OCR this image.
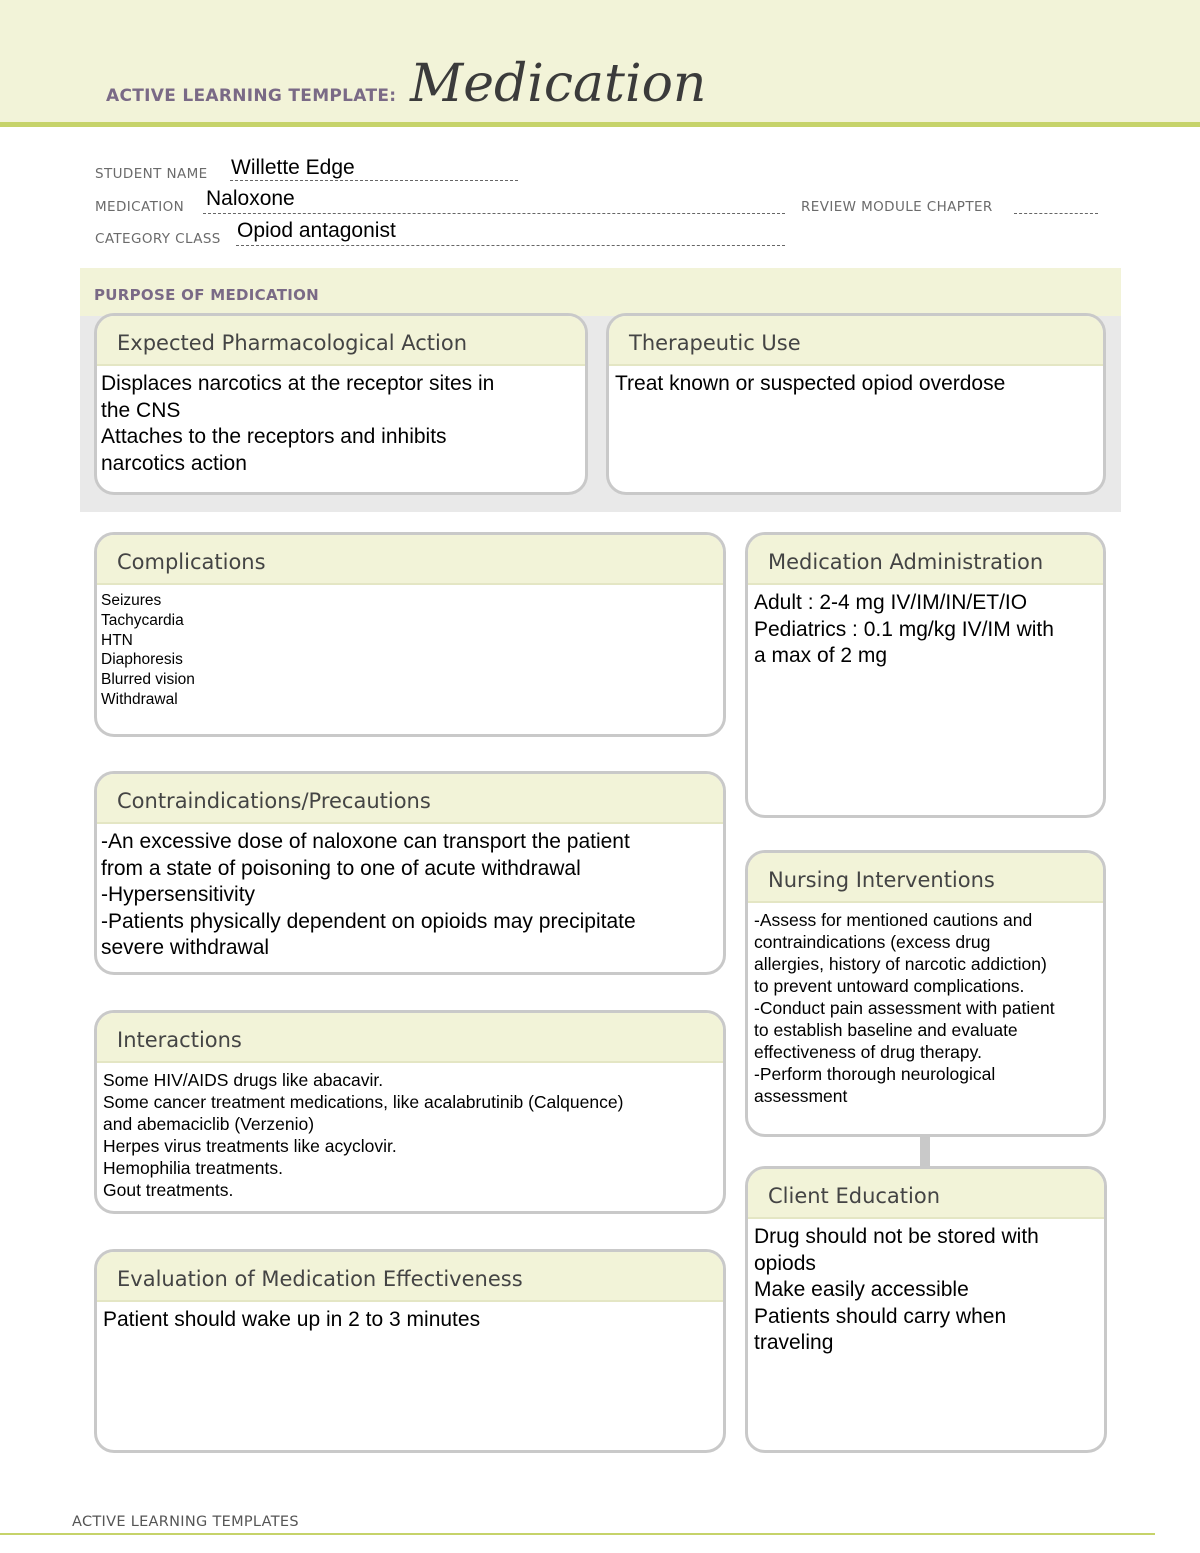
ACTIVE LEARNING TEMPLATE: Medication
STUDENT NAME Willette Edge
MEDICATION Naloxone	REVIEW MODULE CHAPTER
CATEGORY CLASS Opiod antagonist
PURPOSE OF MEDICATION
Expected Pharmacological Action
Displaces narcotics at the receptor sites in
the CNS
Attaches to the receptors and inhibits
narcotics action
Therapeutic Use
Treat known or suspected opiod overdose
Complications
Seizures
Tachycardia
HTN
Diaphoresis
Blurred vision
Withdrawal
Medication Administration
Adult : 2-4 mg IV/IM/IN/ET/IO
Pediatrics : 0.1 mg/kg IV/IM with
a max of 2 mg
Contraindications/Precautions
-An excessive dose of naloxone can transport the patient
from a state of poisoning to one of acute withdrawal
-Hypersensitivity
-Patients physically dependent on opioids may precipitate
severe withdrawal
Nursing Interventions
-Assess for mentioned cautions and
contraindications (excess drug
allergies, history of narcotic addiction)
to prevent untoward complications.
-Conduct pain assessment with patient
to establish baseline and evaluate
effectiveness of drug therapy.
-Perform thorough neurological
assessment
Interactions
Some HIV/AIDS drugs like abacavir.
Some cancer treatment medications, like acalabrutinib (Calquence)
and abemaciclib (Verzenio)
Herpes virus treatments like acyclovir.
Hemophilia treatments.
Gout treatments.
Evaluation of Medication Effectiveness
Patient should wake up in 2 to 3 minutes
Client Education
Drug should not be stored with
opiods
Make easily accessible
Patients should carry when
traveling
ACTIVE LEARNING TEMPLATES
